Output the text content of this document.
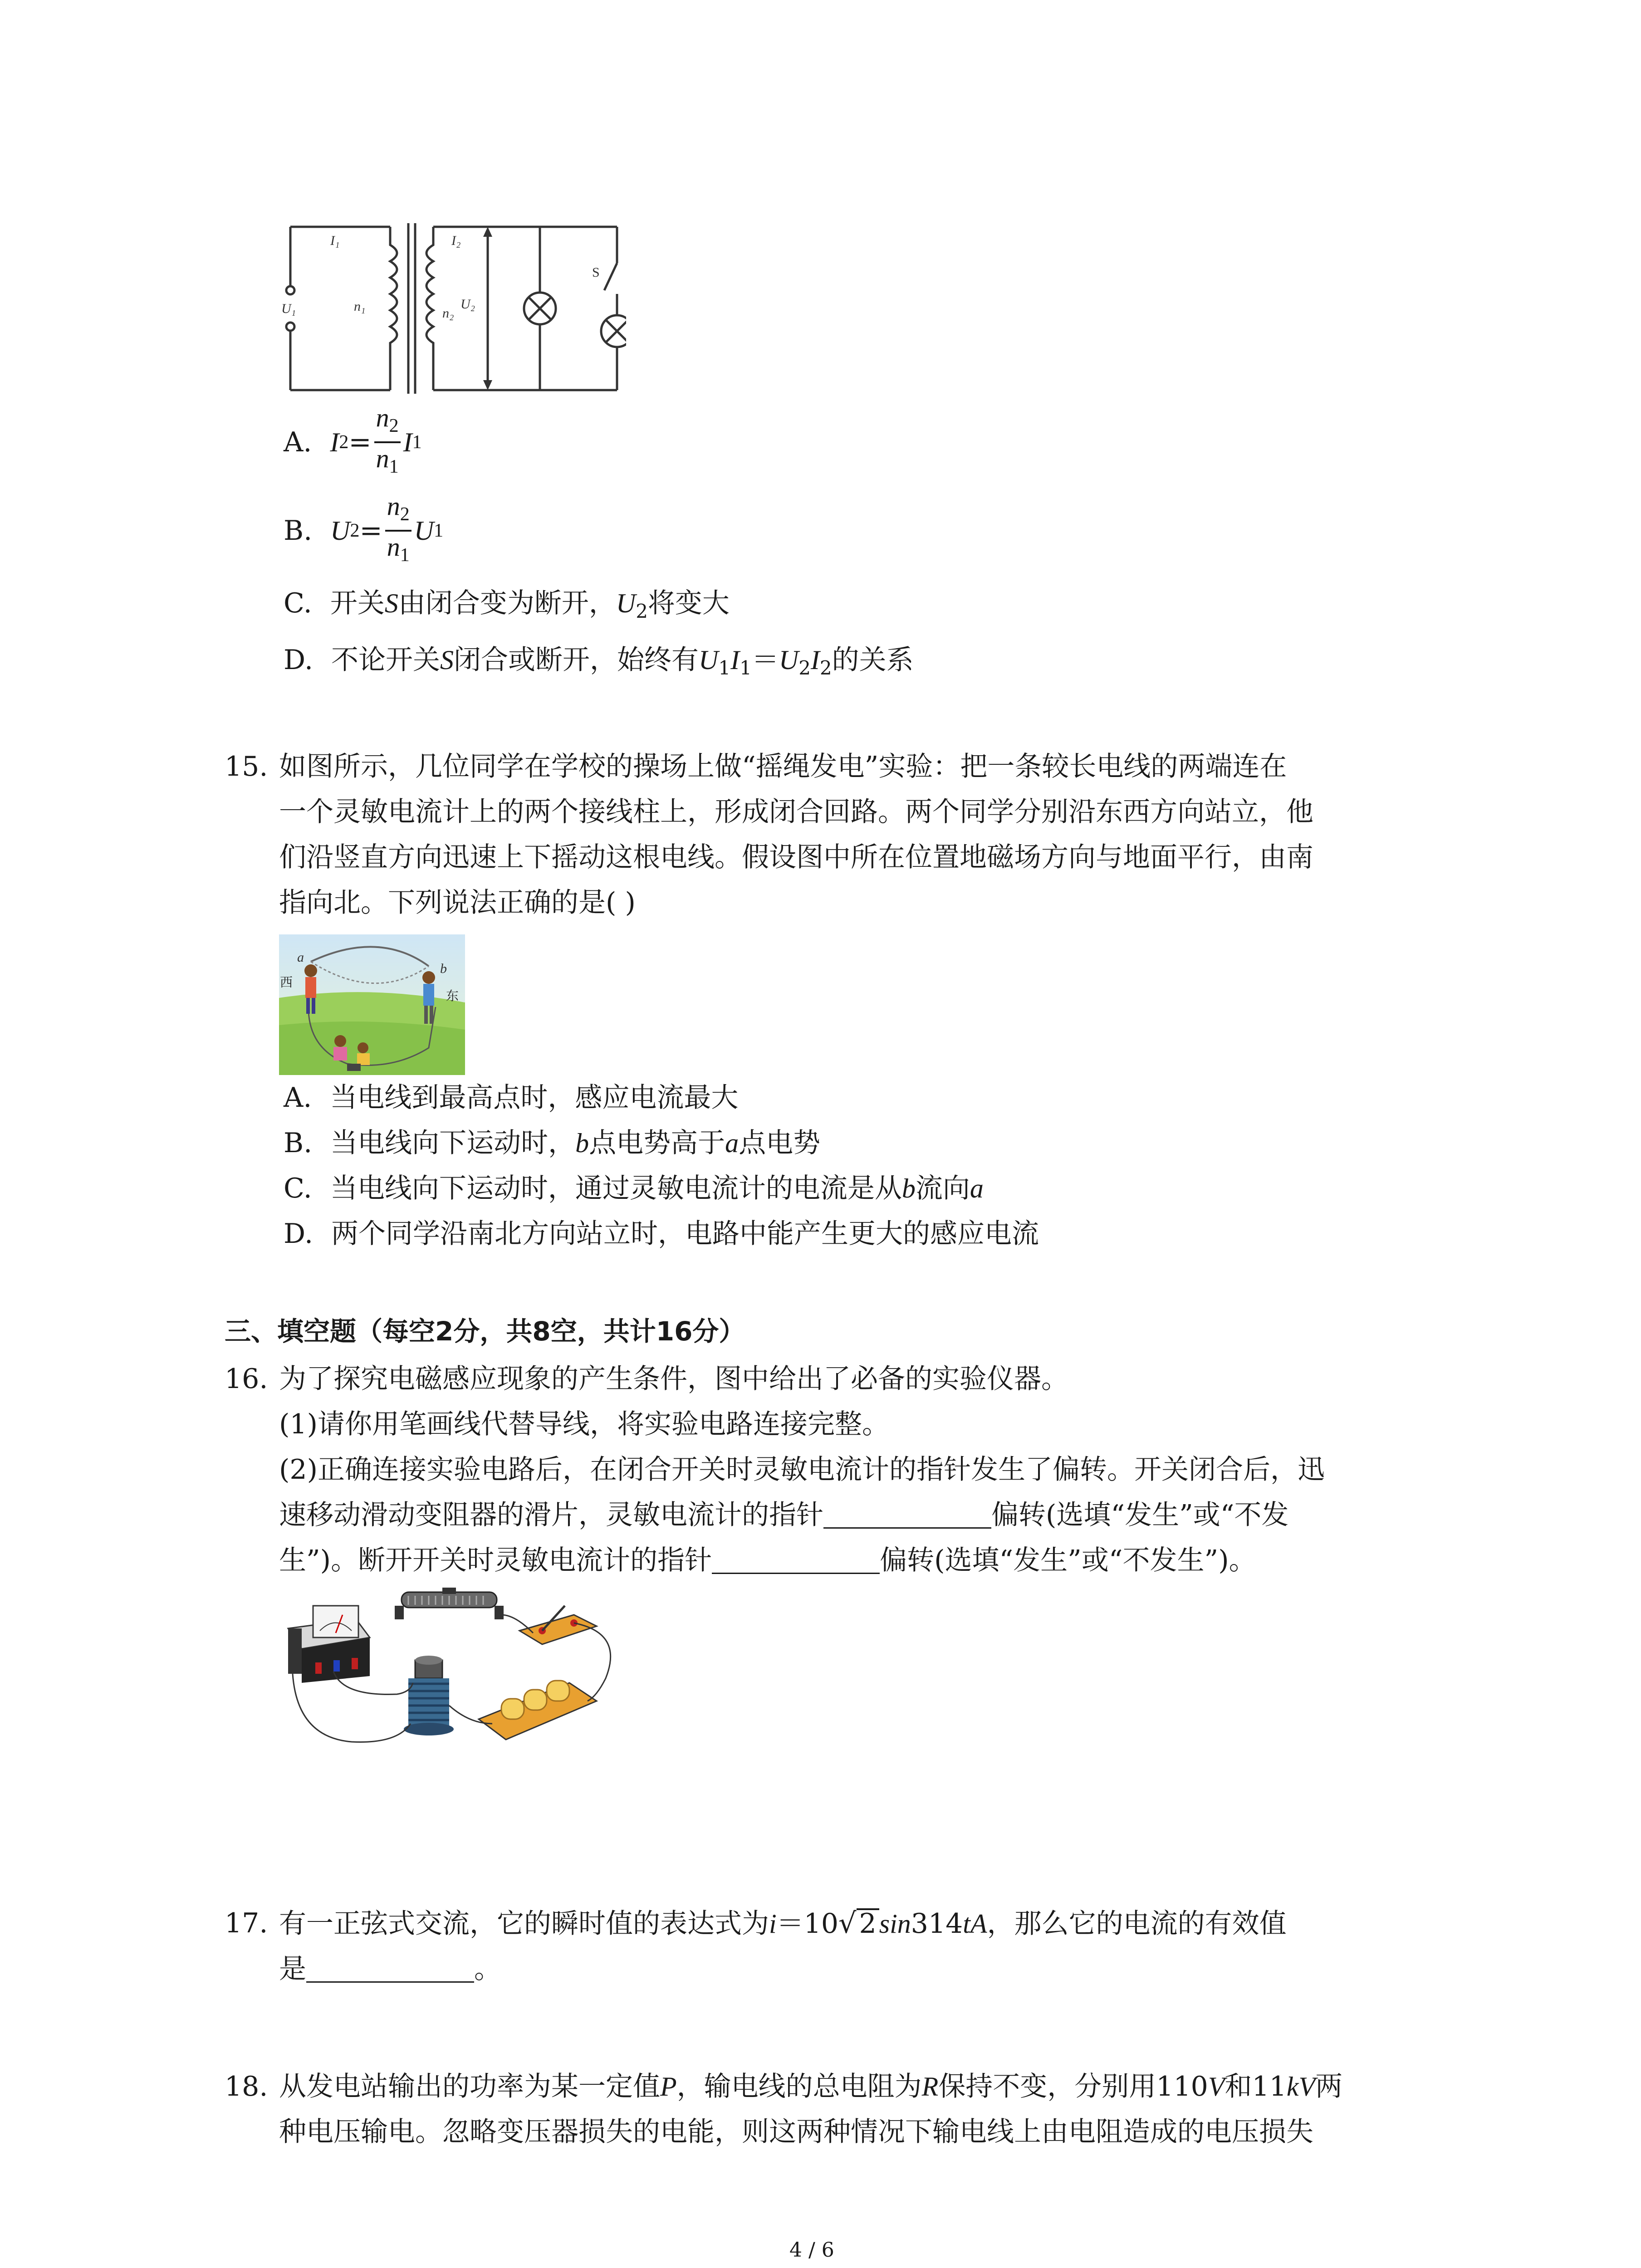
I₁	I₂
U₁	n₁	n₂
U₂
S
A. I $2 = \frac{n_2}{n_1}$ I 1
B. U $2 = \frac{n_2}{n_1}$ U 1
C. 开关S由闭合变为断开，$U_2$将变大
D. 不论开关S闭合或断开，始终有$U_1I_1=U_2I_2$的关系
15. 如图所示，几位同学在学校的操场上做“摇绳发电”实验：把一条较长电线的两端连在
一个灵敏电流计上的两个接线柱上，形成闭合回路。两个同学分别沿东西方向站立，他
们沿竖直方向迅速上下摇动这根电线。假设图中所在位置地磁场方向与地面平行，由南
指向北。下列说法正确的是( )
a
b
西
东
A. 当电线到最高点时，感应电流最大
B. 当电线向下运动时，b点电势高于a点电势
C. 当电线向下运动时，通过灵敏电流计的电流是从b流向a
D. 两个同学沿南北方向站立时，电路中能产生更大的感应电流
三、填空题（每空2分，共8空，共计16分）
16. 为了探究电磁感应现象的产生条件，图中给出了必备的实验仪器。
(1)请你用笔画线代替导线，将实验电路连接完整。
(2)正确连接实验电路后，在闭合开关时灵敏电流计的指针发生了偏转。开关闭合后，迅
速移动滑动变阻器的滑片，灵敏电流计的指针	偏转(选填“发生”或“不发
生”)。断开开关时灵敏电流计的指针	偏转(选填“发生”或“不发生”)。
17. 有一正弦式交流，它的瞬时值的表达式为i＝10√ 2 sin314tA，那么它的电流的有效值
是	。
18. 从发电站输出的功率为某一定值P，输电线的总电阻为R保持不变，分别用110V和11kV两
种电压输电。忽略变压器损失的电能，则这两种情况下输电线上由电阻造成的电压损失
4 / 6
